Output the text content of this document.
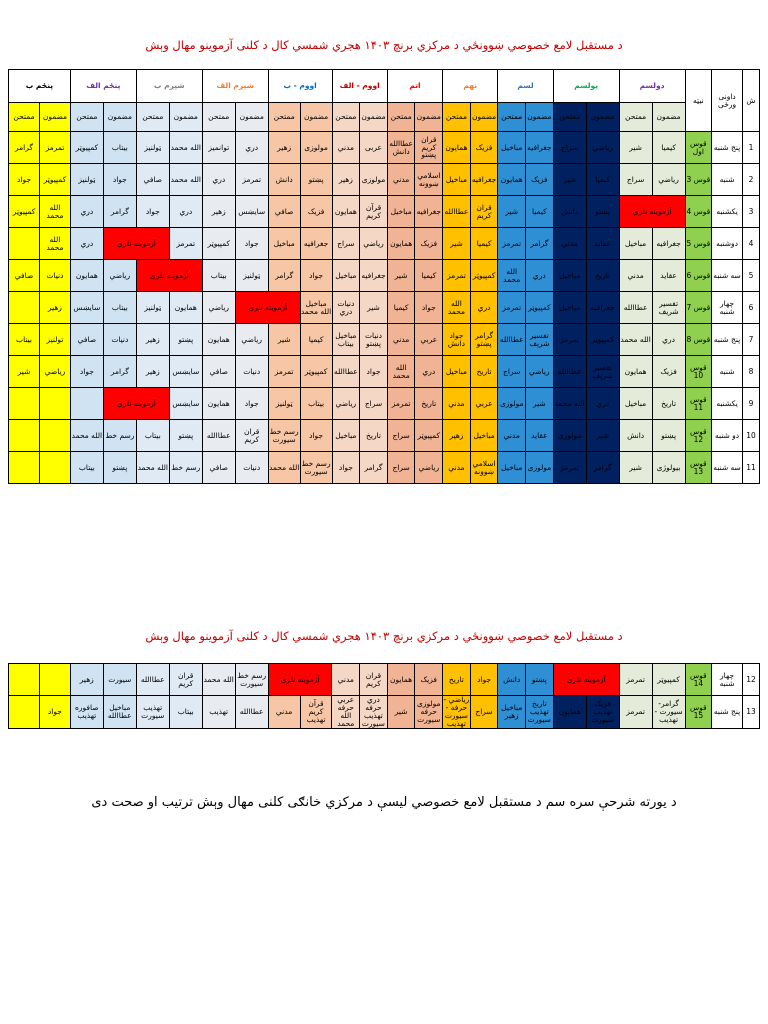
د مستقبل لامع خصوصي ښوونځي د مرکزي برنچ ۱۴۰۳ هجري شمسي کال د کلنی آزموینو مهال وېش
ش	داونی ورځی	نیټه	دولسم		یولسم		لسم		نهم		اتم		اووم - الف		اووم - ب		شپږم الف		شپږم ب		پنځم الف		پنځم ب	
			مضمون	ممتحن	مضمون	ممتحن	مضمون	ممتحن	مضمون	ممتحن	مضمون	ممتحن	مضمون	ممتحن	مضمون	ممتحن	مضمون	ممتحن	مضمون	ممتحن	مضمون	ممتحن	مضمون	ممتحن
1	پنج شنبه	قوس اول	کیمیا	شیر	ریاضي	سراج	جغرافیه	مباخیل	فزیک	همایون	قران کریم پښتو	عطاالله دانش	عربی	مدني	مولوزی	زهیر	دري	توانمیز	الله محمد	ټولنیز	بیتاب	کمپیوټر	تمرمز	گرامر
2	شنبه	قوس 3	ریاضي	سراج	کیمیا	شیر	فزیک	همایون	جغرافیه	مباخیل	اسلامي ښوونه	مدني	مولوزی	زهیر	پښتو	دانش	تمرمز	دري	الله محمد	صافي	جواد	ټولنیز	کمپیوټر	جواد
3	یکشنبه	قوس 4	آزموینه نلری		پښتو	دانش	کیمیا	شیر	قران کریم	عطاالله	جغرافیه	مباخیل	قرآن کریم	همایون	فزیک	صافي	سایښس	زهیر	دري	جواد	گرامر	دري	الله محمد	کمپیوټر
4	دوشنبه	قوس 5	جغرافیه	مباخیل	عقاید	مدني	گرامر	تمرمز	کیمیا	شیر	فزیک	همایون	ریاضي	سراج	جغرافیه	مباخیل	جواد	کمپیوټر	تمرمز	آزموینه نلری		دري	الله محمد	
5	سه شنبه	قوس 6	عقاید	مدني	تاریخ	مباخیل	دري	الله محمد	کمپیوټر	تمرمز	کیمیا	شیر	جغرافیه	مباخیل	جواد	گرامر	ټولنیز	بیتاب	آزموینه نلری		ریاضي	همایون	دنیات	صافي
6	چهار شنبه	قوس 7	تفسیر شریف	عطاالله	جغرافیه	مباخیل	کمپیوټر	تمرمز	دري	الله محمد	جواد	کیمیا	شیر	دنیات دري	مباخیل الله محمد	آزموینه نلری		ریاضي	همایون	ټولنیز	بیتاب	سایښس	زهیر	
7	پنج شنبه	قوس 8	دري	الله محمد	کمپیوټر	تمرمز	تفسیر شریف	عطاالله	گرامر پښتو	جواد دانش	عربي	مدني	دنیات پښتو	مباخیل بیتاب	کیمیا	شیر	ریاضي	همایون	پښتو	زهیر	دنیات	صافي	تولنیز	بیتاب
8	شنبه	قوس 10	فزیک	همایون	تفسیر شریف	عطاالله	ریاضي	سراج	تاریخ	مباخیل	دري	الله محمد	جواد	عطاالله	کمپیوټر	تمرمز	دنیات	صافي	سایښس	زهیر	گرامر	جواد	ریاضي	شیر
9	یکشنبه	قوس 11	تاریخ	مباخیل	دري	الله محمد	شیر	مولوزی	عربي	مدني	تاریخ	تمرمز	سراج	ریاضي	بیتاب	ټولنیز	جواد	همایون	سایښس	آزموینه نلری				
10	دو شنبه	قوس 12	پښتو	دانش	شیر	مولوزی	عقاید	مدني	مباخیل	زهیر	کمپیوټر	سراج	تاریخ	مباخیل	جواد	رسم خط سیورت	قران کریم	عطاالله	پښتو	بیتاب	رسم خط	الله محمد		
11	سه شنبه	قوس 13	بیولوژی	شیر	گرامر	تمرمز	مولوزی	مباخیل	اسلامي ښوونه	مدني	ریاضي	سراج	گرامر	جواد	رسم خط سیورت	الله محمد	دنیات	صافي	رسم خط	الله محمد	پښتو	بیتاب		
د مستقبل لامع خصوصي ښوونځي د مرکزي برنچ ۱۴۰۳ هجري شمسي کال د کلنی آزموینو مهال وېش
12	چهار شنبه	قوس 14	کمپیوټر	تمرمز	آزموینه نلری		پښتو	دانش	جواد	تاریخ	فزیک	همایون	قران کریم	مدني	آزموینه نلری		رسم خط سیورت	الله محمد	قران کریم	عطاالله	سیورت	زهیر		
13	پنج شنبه	قوس 15	گرامر- سیورت - تهذیب	تمرمز	فزیک تهذیب سیورت	همایون	تاریخ تهذیب سیورت	مباخیل زهیر	سراج	ریاضي - حرفه - سیورت تهذیب	مولوزی حرفه سیورت	شیر	دري حرفه تهذیب سیورت	عربي حرفه الله محمد	قرآن کریم تهذیب	مدني	عطاالله	تهذیب	بیتاب	تهذیب سیورت	مباخیل عطاالله	صافوره تهذیب	جواد	
د یورته شرحې سره سم د مستقبل لامع خصوصي لیسې د مرکزي خانګی کلنی مهال وېش ترتیب او صحت دی
